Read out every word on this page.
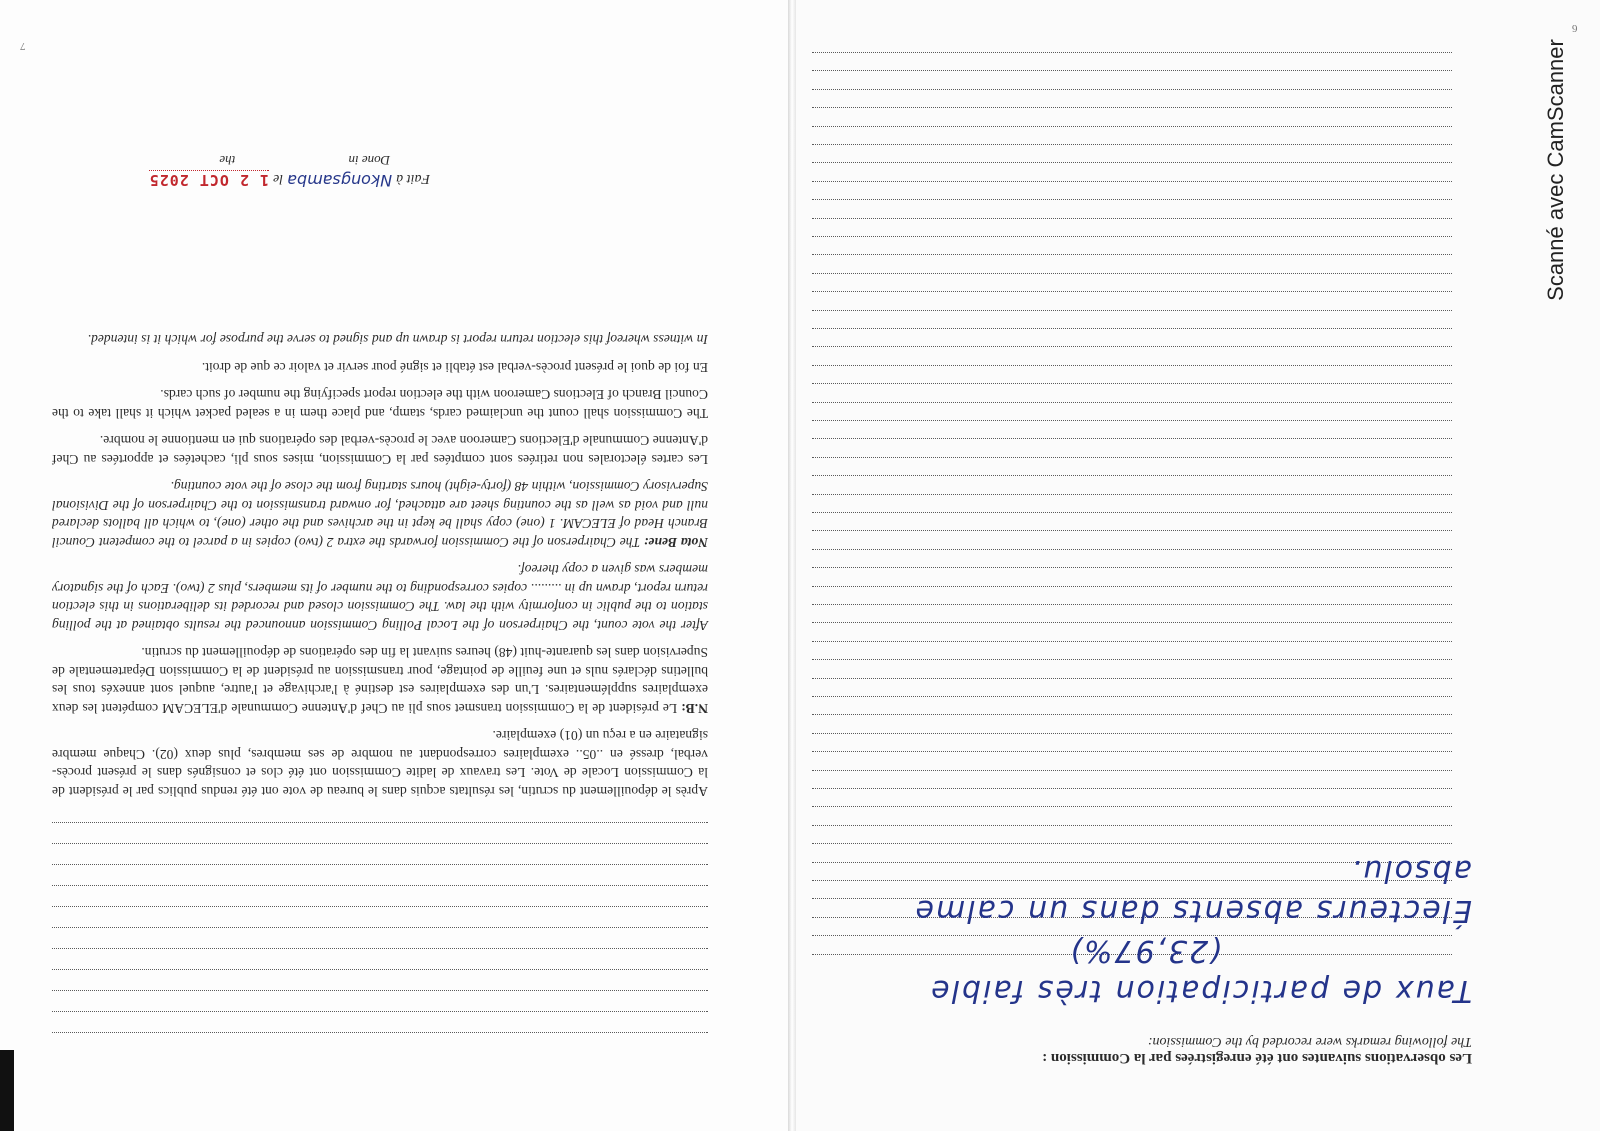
7
6

Après le dépouillement du scrutin, les résultats acquis dans le bureau de vote ont été rendus publics par le président de la Commission Locale de Vote. Les travaux de ladite Commission ont été clos et consignés dans le présent procès-verbal, dressé en ..05.. exemplaires correspondant au nombre de ses membres, plus deux (02). Chaque membre signataire en a reçu un (01) exemplaire.

N.B: Le président de la Commission transmet sous pli au Chef d'Antenne Communale d'ELECAM compétent les deux exemplaires supplémentaires. L'un des exemplaires est destiné à l'archivage et l'autre, auquel sont annexés tous les bulletins déclarés nuls et une feuille de pointage, pour transmission au président de la Commission Départementale de Supervision dans les quarante-huit (48) heures suivant la fin des opérations de dépouillement du scrutin.

After the vote count, the Chairperson of the Local Polling Commission announced the results obtained at the polling station to the public in conformity with the law. The Commission closed and recorded its deliberations in this election return report, drawn up in ......... copies corresponding to the number of its members, plus 2 (two). Each of the signatory members was given a copy thereof.

Nota Bene: The Chairperson of the Commission forwards the extra 2 (two) copies in a parcel to the competent Council Branch Head of ELECAM. 1 (one) copy shall be kept in the archives and the other (one), to which all ballots declared null and void as well as the counting sheet are attached, for onward transmission to the Chairperson of the Divisional Supervisory Commission, within 48 (forty-eight) hours starting from the close of the vote counting.

Les cartes électorales non retirées sont comptées par la Commission, mises sous pli, cachetées et apportées au Chef d'Antenne Communale d'Elections Cameroon avec le procès-verbal des opérations qui en mentionne le nombre.

The Commission shall count the unclaimed cards, stamp, and place them in a sealed packet which it shall take to the Council Branch of Elections Cameroon with the election report specifying the number of such cards.

En foi de quoi le présent procès-verbal est établi et signé pour servir et valoir ce que de droit.

In witness whereof this election return report is drawn up and signed to serve the purpose for which it is intended.

Fait à Nkongsamba le 1 2 OCT 2025
Done in the
Taux de participation très faible
(23,97%)
Électeurs absents dans un calme
absolu.
Les observations suivantes ont été enregistrées par la Commission :
The following remarks were recorded by the Commission:
Scanné avec CamScanner
